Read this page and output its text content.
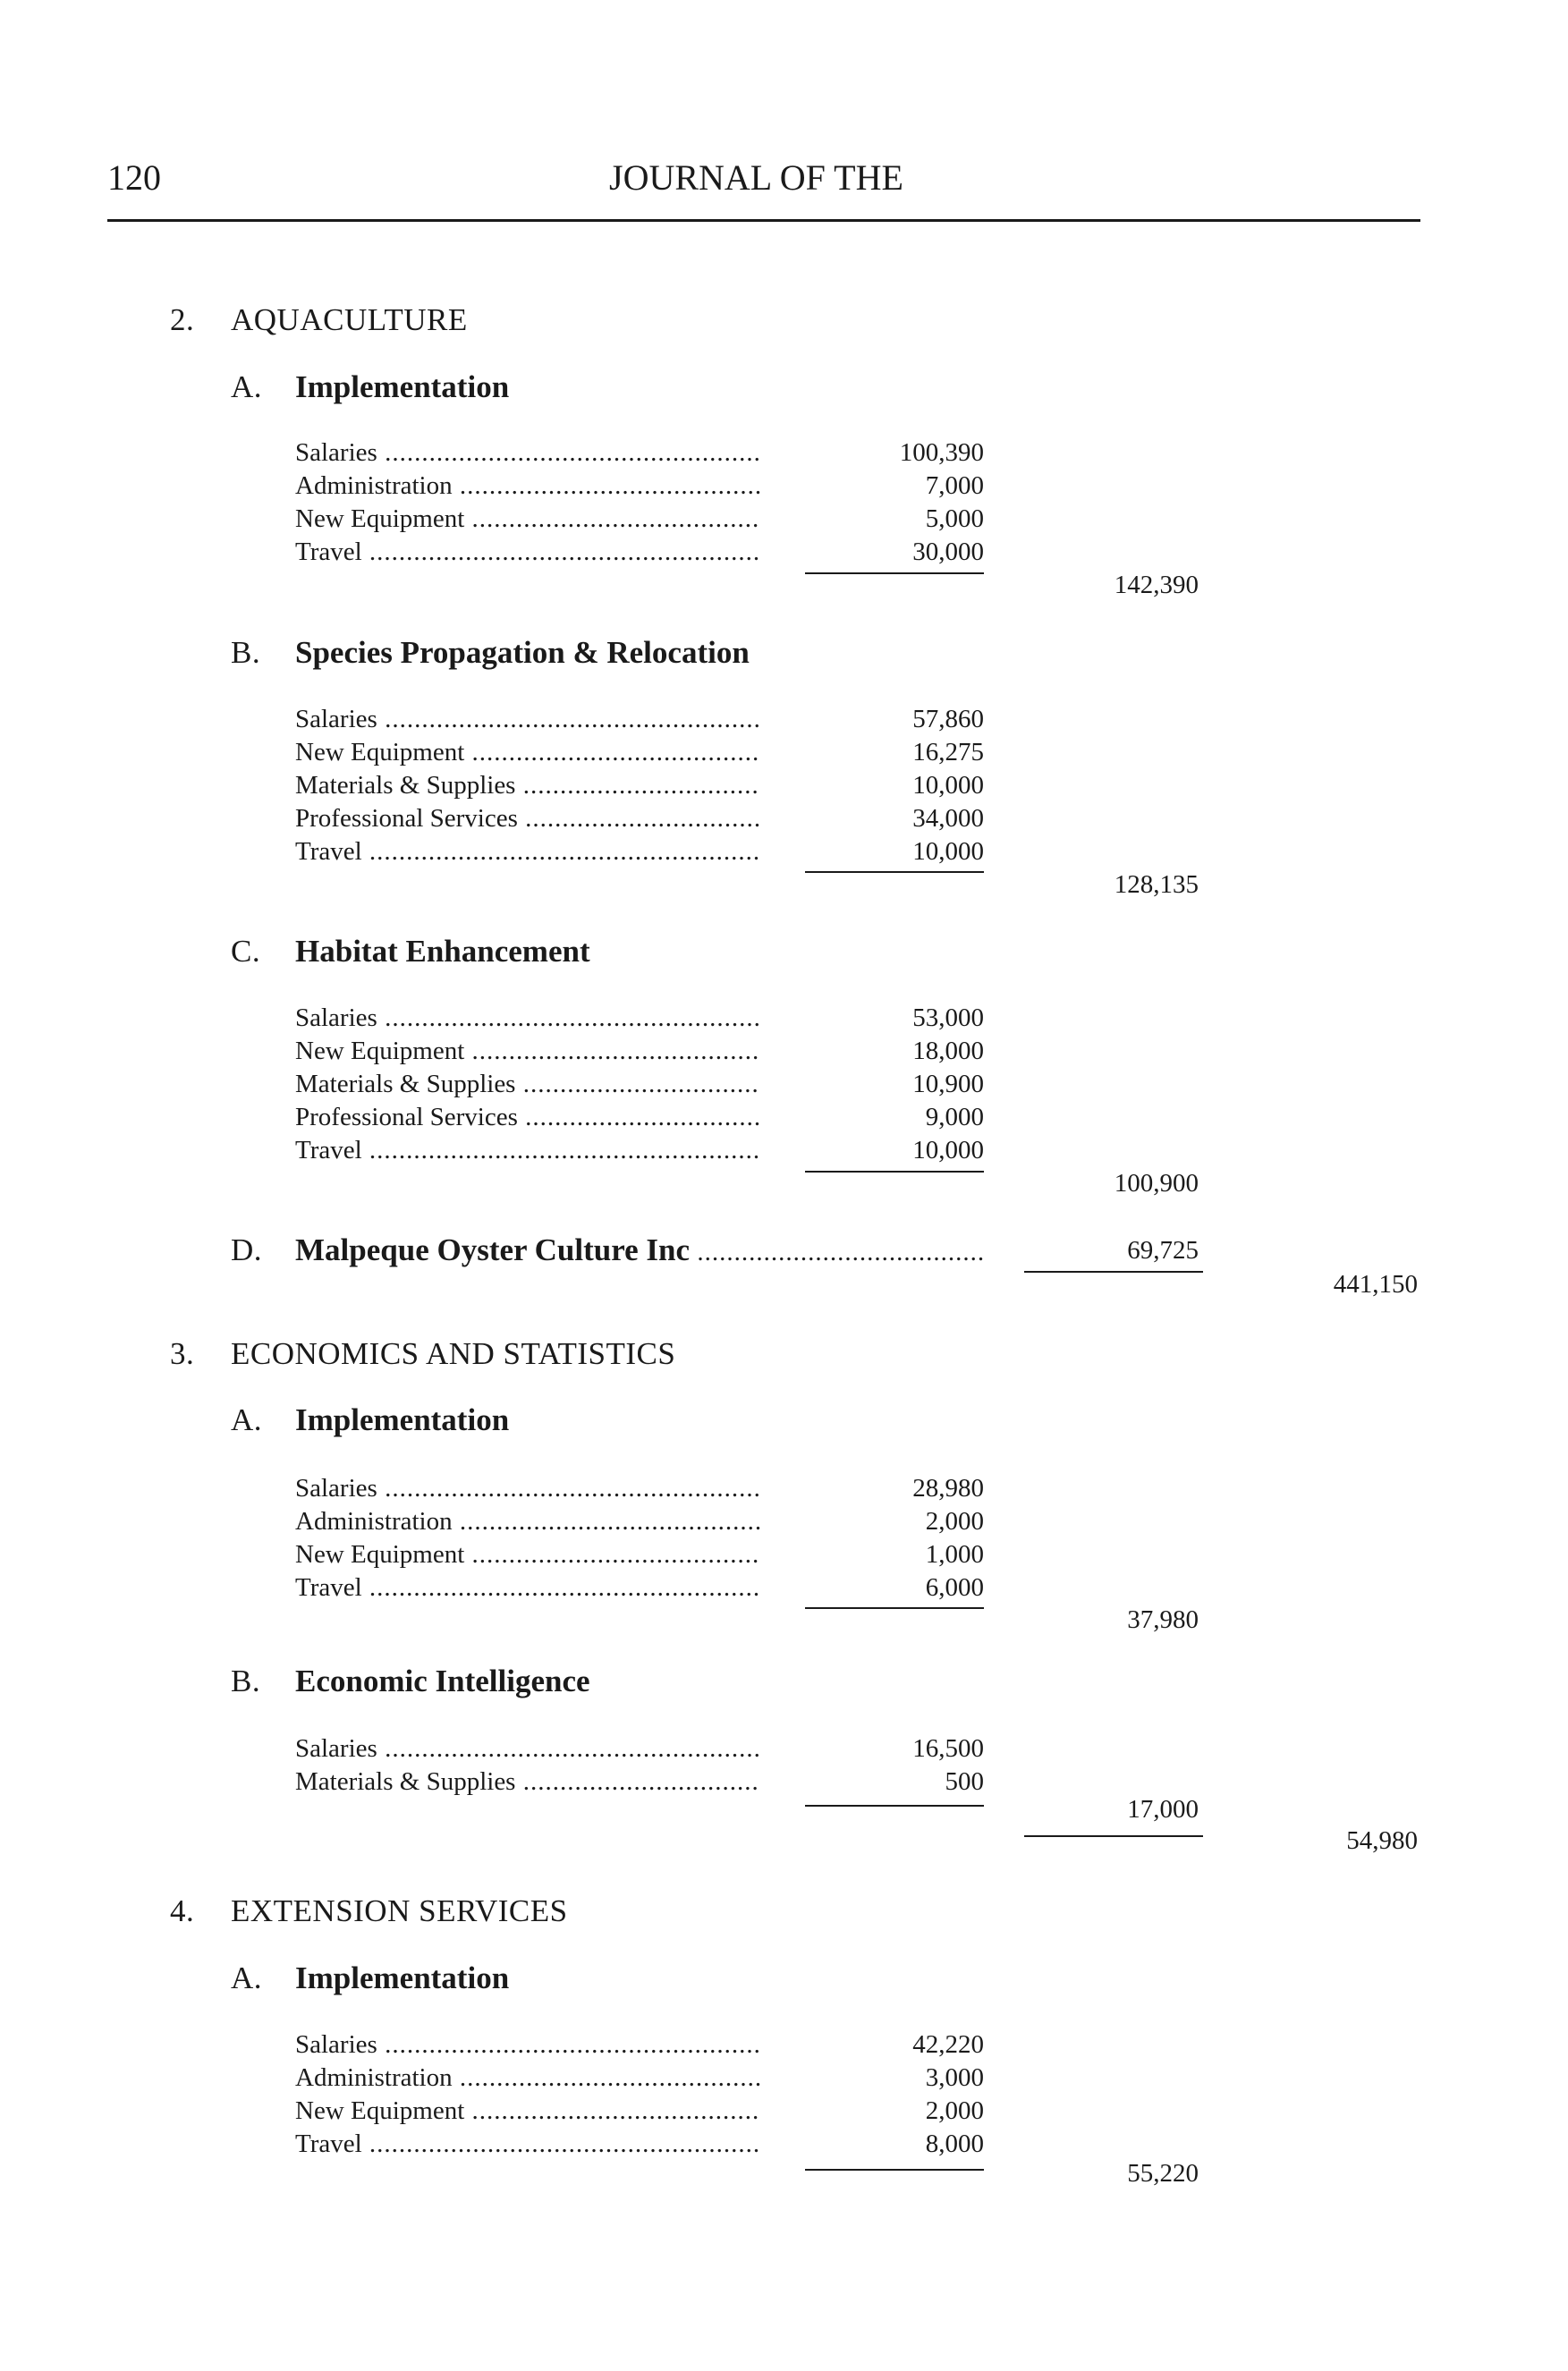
120	JOURNAL OF THE
2. AQUACULTURE
A. Implementation
Salaries .....	100,390
Administration .....	7,000
New Equipment .....	5,000
Travel .....	30,000
142,390
B. Species Propagation & Relocation
Salaries .....	57,860
New Equipment .....	16,275
Materials & Supplies .....	10,000
Professional Services .....	34,000
Travel .....	10,000
128,135
C. Habitat Enhancement
Salaries .....	53,000
New Equipment .....	18,000
Materials & Supplies .....	10,900
Professional Services .....	9,000
Travel .....	10,000
100,900
D. Malpeque Oyster Culture Inc .....	69,725
441,150
3. ECONOMICS AND STATISTICS
A. Implementation
Salaries .....	28,980
Administration .....	2,000
New Equipment .....	1,000
Travel .....	6,000
37,980
B. Economic Intelligence
Salaries .....	16,500
Materials & Supplies .....	500
17,000
54,980
4. EXTENSION SERVICES
A. Implementation
Salaries .....	42,220
Administration .....	3,000
New Equipment .....	2,000
Travel .....	8,000
55,220
